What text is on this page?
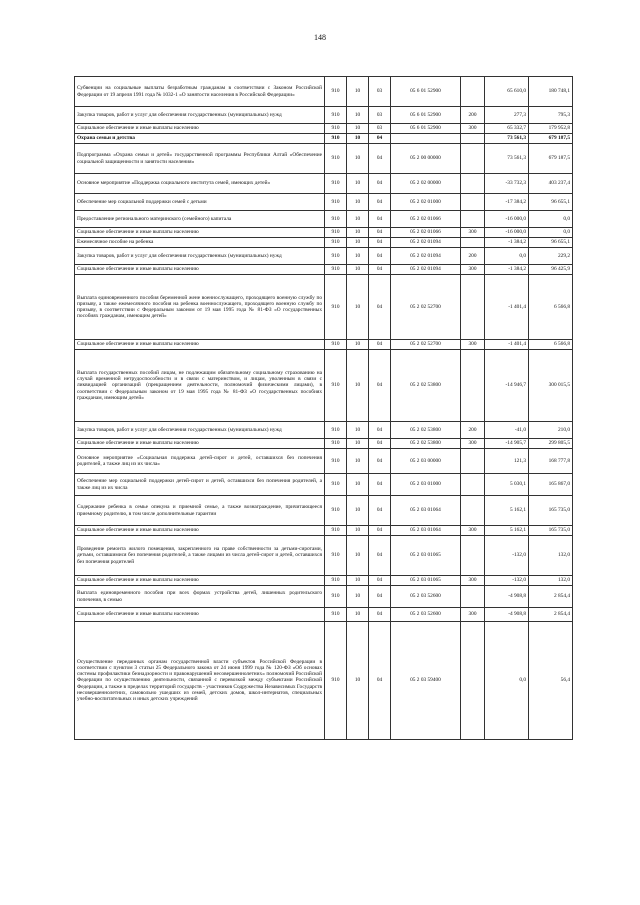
148
Субвенции на социальные выплаты безработным гражданам в соответствии с Законом Российской Федерации от 19 апреля 1991 года № 1032-1 «О занятости населения в Российской Федерации»	910	10	03	05 6 01 52900		65 610,0	180 748,1
Закупка товаров, работ и услуг для обеспечения государственных (муниципальных) нужд	910	10	03	05 6 01 52900	200	277,3	795,3
Социальное обеспечение и иные выплаты населению	910	10	03	05 6 01 52900	300	65 332,7	179 952,8
Охрана семьи и детства	910	10	04			73 561,3	679 187,5
Подпрограмма «Охрана семьи и детей» государственной программы Республики Алтай «Обеспечение социальной защищенности и занятости населения»	910	10	04	05 2 00 00000		73 561,3	679 187,5
Основное мероприятие «Поддержка социального института семей, имеющих детей»	910	10	04	05 2 02 00000		-33 732,3	403 237,4
Обеспечение мер социальной поддержки семей с детьми	910	10	04	05 2 02 01000		-17 384,2	96 655,1
Предоставление регионального материнского (семейного) капитала	910	10	04	05 2 02 01066		-16 000,0	0,0
Социальное обеспечение и иные выплаты населению	910	10	04	05 2 02 01066	300	-16 000,0	0,0
Ежемесячное пособие на ребенка	910	10	04	05 2 02 01094		-1 384,2	96 655,1
Закупка товаров, работ и услуг для обеспечения государственных (муниципальных) нужд	910	10	04	05 2 02 01094	200	0,0	229,2
Социальное обеспечение и иные выплаты населению	910	10	04	05 2 02 01094	300	-1 384,2	96 425,9
Выплата единовременного пособия беременной жене военнослужащего, проходящего военную службу по призыву, а также ежемесячного пособия на ребенка военнослужащего, проходящего военную службу по призыву, в соответствии с Федеральным законом от 19 мая 1995 года № 81-ФЗ «О государственных пособиях гражданам, имеющим детей»	910	10	04	05 2 02 52700		-1 401,4	6 566,8
Социальное обеспечение и иные выплаты населению	910	10	04	05 2 02 52700	300	-1 401,4	6 566,8
Выплата государственных пособий лицам, не подлежащим обязательному социальному страхованию на случай временной нетрудоспособности и в связи с материнством, и лицам, уволенным в связи с ликвидацией организаций (прекращением деятельности, полномочий физическими лицами), в соответствии с Федеральным законом от 19 мая 1995 года № 81-ФЗ «О государственных пособиях гражданам, имеющим детей»	910	10	04	05 2 02 53800		-14 946,7	300 015,5
Закупка товаров, работ и услуг для обеспечения государственных (муниципальных) нужд	910	10	04	05 2 02 53800	200	-41,0	210,0
Социальное обеспечение и иные выплаты населению	910	10	04	05 2 02 53800	300	-14 905,7	299 805,5
Основное мероприятие «Социальная поддержка детей-сирот и детей, оставшихся без попечения родителей, а также лиц из их числа»	910	10	04	05 2 03 00000		121,3	168 777,8
Обеспечение мер социальной поддержки детей-сирот и детей, оставшихся без попечения родителей, а также лиц из их числа	910	10	04	05 2 03 01000		5 030,1	165 867,0
Содержание ребенка в семье опекуна и приемной семье, а также вознаграждение, причитающееся приемному родителю, в том числе дополнительные гарантии	910	10	04	05 2 03 01064		5 162,1	165 735,0
Социальное обеспечение и иные выплаты населению	910	10	04	05 2 03 01064	300	5 162,1	165 735,0
Проведение ремонта жилого помещения, закрепленного на праве собственности за детьми-сиротами, детьми, оставшимися без попечения родителей, а также лицами из числа детей-сирот и детей, оставшихся без попечения родителей	910	10	04	05 2 03 01065		-132,0	132,0
Социальное обеспечение и иные выплаты населению	910	10	04	05 2 03 01065	300	-132,0	132,0
Выплата единовременного пособия при всех формах устройства детей, лишенных родительского попечения, в семью	910	10	04	05 2 03 52600		-4 908,8	2 854,4
Социальное обеспечение и иные выплаты населению	910	10	04	05 2 03 52600	300	-4 908,8	2 854,4
Осуществление переданных органам государственной власти субъектов Российской Федерации в соответствии с пунктом 3 статьи 25 Федерального закона от 24 июня 1999 года № 120-ФЗ «Об основах системы профилактики безнадзорности и правонарушений несовершеннолетних» полномочий Российской Федерации по осуществлению деятельности, связанной с перевозкой между субъектами Российской Федерации, а также в пределах территорий государств - участников Содружества Независимых Государств несовершеннолетних, самовольно ушедших из семей, детских домов, школ-интернатов, специальных учебно-воспитательных и иных детских учреждений	910	10	04	05 2 03 59400		0,0	56,4
